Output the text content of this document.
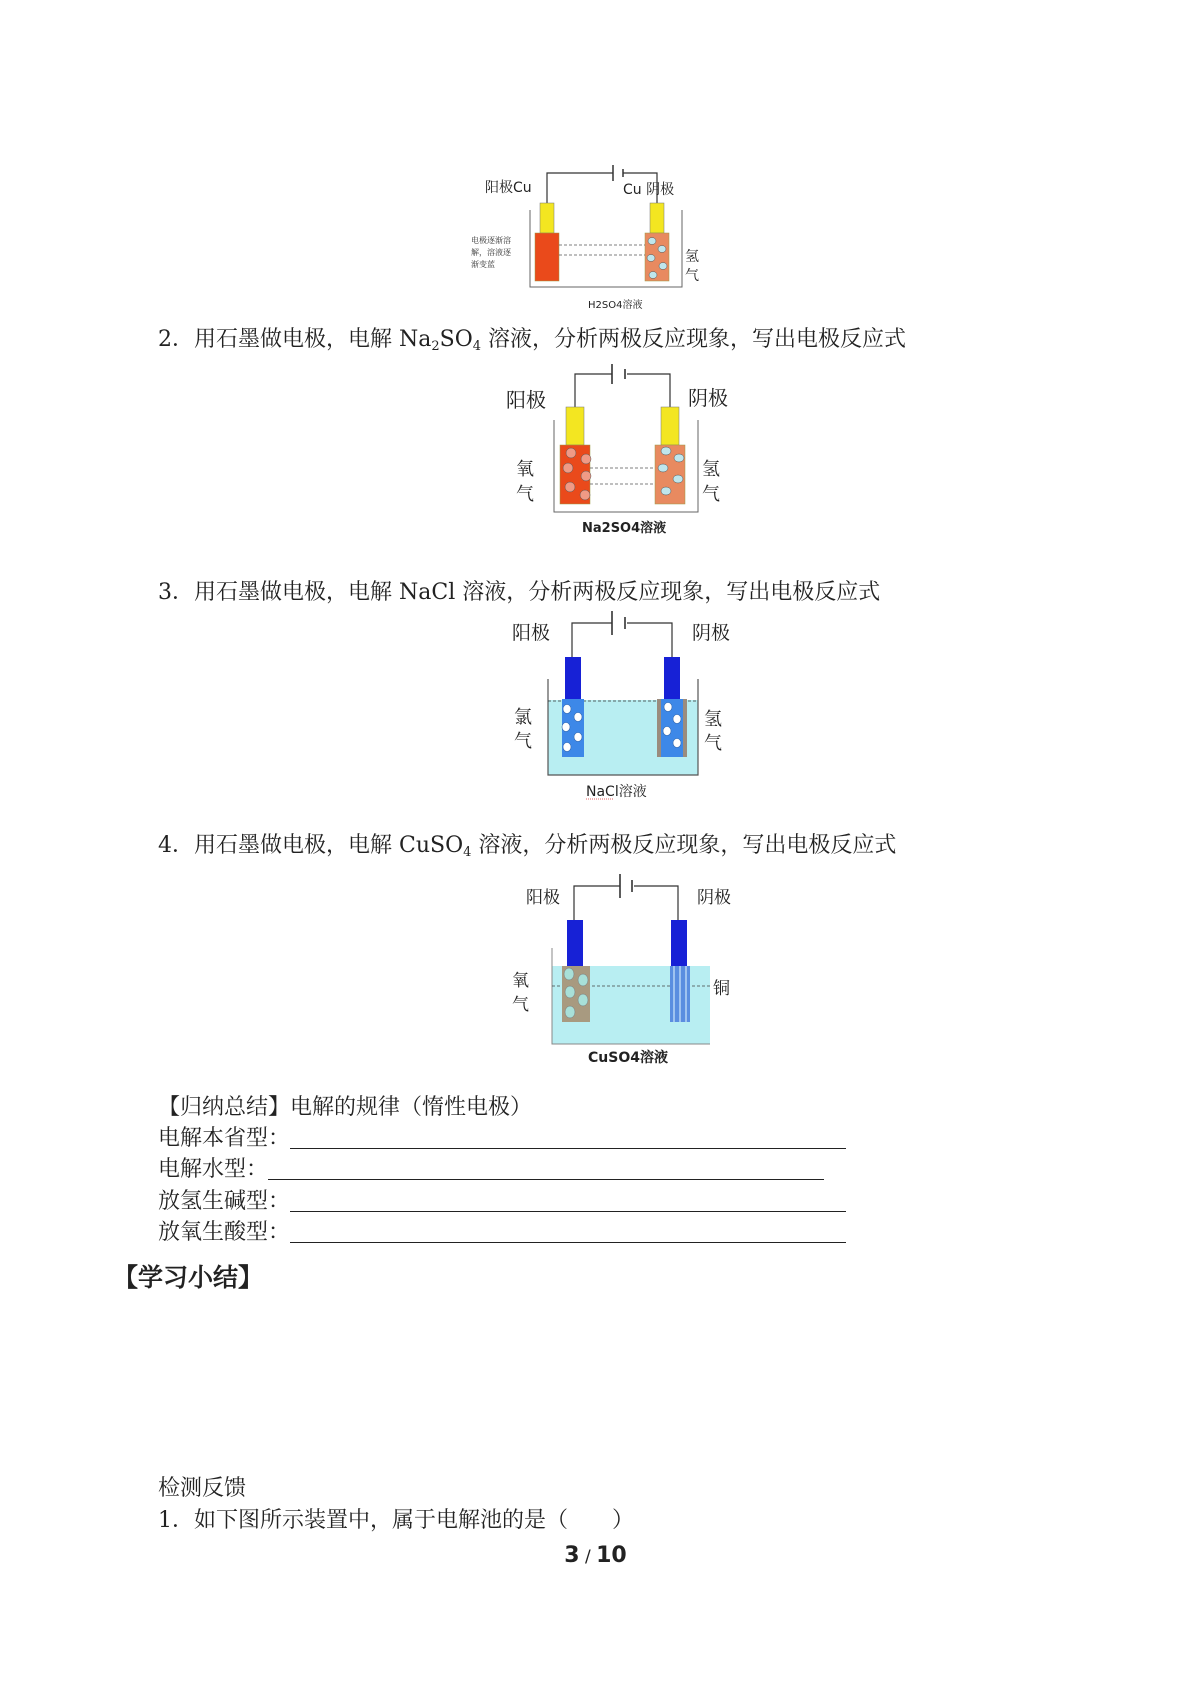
阳极Cu	Cu 阴极
电极逐渐溶
解，溶液逐
渐变蓝	氢
气
H2SO4溶液
2．用石墨做电极，电解 $Na_2SO_4$ 溶液，分析两极反应现象，写出电极反应式
阳极	阴极
氧
气
氢
气
Na2SO4溶液
3．用石墨做电极，电解 NaCl 溶液，分析两极反应现象，写出电极反应式
阳极	阴极
氯
气
氢
气
NaCl溶液
4．用石墨做电极，电解 CuSO$_4$ 溶液，分析两极反应现象，写出电极反应式
阳极	阴极
氧
气
铜
CuSO4溶液
【归纳总结】电解的规律（惰性电极）
电解本省型：
电解水型：
放氢生碱型：
放氧生酸型：
【学习小结】
检测反馈
1．如下图所示装置中，属于电解池的是（　　）
3 / 10
